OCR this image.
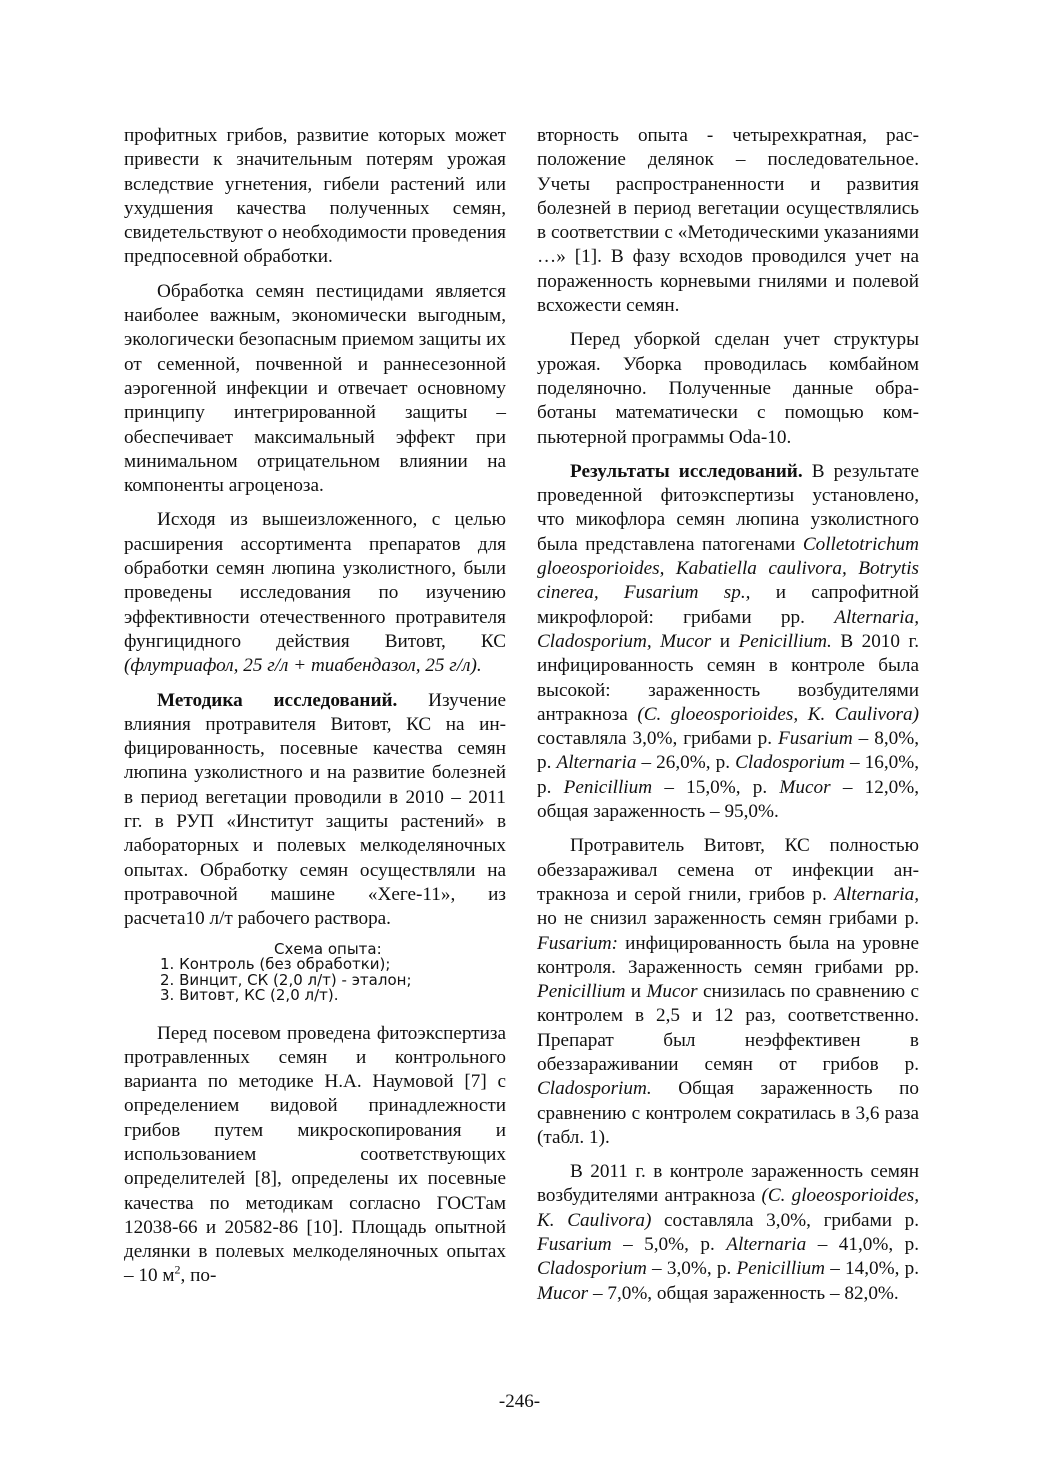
профитных грибов, развитие которых может привести к значительным потерям урожая вследствие угнетения, гибели растений или ухудшения качества полученных семян, свидетельствуют о необходимости проведения предпосевной обработки.

Обработка семян пестицидами является наиболее важным, экономически выгодным, экологически безопасным приемом защиты их от семенной, почвенной и раннесезонной аэрогенной инфекции и отвечает основному принципу интегрированной защиты – обеспечивает максимальный эффект при минимальном отрицательном влиянии на компоненты агроценоза.

Исходя из вышеизложенного, с целью расширения ассортимента препаратов для обработки семян люпина узколистного, были проведены исследования по изучению эффективности отечественного протравителя фунгицидного действия Витовт, КС (флутриафол, 25 г/л + тиабендазол, 25 г/л).

Методика исследований. Изучение влияния протравителя Витовт, КС на инфицированность, посевные качества семян люпина узколистного и на развитие болезней в период вегетации проводили в 2010 – 2011 гг. в РУП «Институт защиты растений» в лабораторных и полевых мелкоделяночных опытах. Обработку семян осуществляли на протравочной машине «Хеге-11», из расчета10 л/т рабочего раствора.

Схема опыта:
1. Контроль (без обработки);
2. Винцит, СК (2,0 л/т) - эталон;
3. Витовт, КС (2,0 л/т).

Перед посевом проведена фитоэкспертиза протравленных семян и контрольного варианта по методике Н.А. Наумовой [7] с определением видовой принадлежности грибов путем микроскопирования и использованием соответствующих определителей [8], определены их посевные качества по методикам согласно ГОСТам 12038-66 и 20582-86 [10]. Площадь опытной делянки в полевых мелкоделяночных опытах – 10 $м^2$, по-

вторность опыта - четырехкратная, расположение делянок – последовательное. Учеты распространенности и развития болезней в период вегетации осуществлялись в соответствии с «Методическими указаниями …» [1]. В фазу всходов проводился учет на пораженность корневыми гнилями и полевой всхожести семян.

Перед уборкой сделан учет структуры урожая. Уборка проводилась комбайном поделяночно. Полученные данные обработаны математически с помощью компьютерной программы Oda-10.

Результаты исследований. В результате проведенной фитоэкспертизы установлено, что микофлора семян люпина узколистного была представлена патогенами Colletotrichum gloeosporioides, Kabatiella caulivora, Botrytis cinerea, Fusarium sp., и сапрофитной микрофлорой: грибами рр. Alternaria, Cladosporium, Mucor и Penicillium. В 2010 г. инфицированность семян в контроле была высокой: зараженность возбудителями антракноза (C. gloeosporioides, K. Caulivora) составляла 3,0%, грибами р. Fusarium – 8,0%, р. Alternaria – 26,0%, р. Cladosporium – 16,0%, р. Penicillium – 15,0%, р. Mucor – 12,0%, общая зараженность – 95,0%.

Протравитель Витовт, КС полностью обеззараживал семена от инфекции антракноза и серой гнили, грибов р. Alternaria, но не снизил зараженность семян грибами р. Fusarium: инфицированность была на уровне контроля. Зараженность семян грибами рр. Penicillium и Mucor снизилась по сравнению с контролем в 2,5 и 12 раз, соответственно. Препарат был неэффективен в обеззараживании семян от грибов р. Cladosporium. Общая зараженность по сравнению с контролем сократилась в 3,6 раза (табл. 1).

В 2011 г. в контроле зараженность семян возбудителями антракноза (C. gloeosporioides, K. Caulivora) составляла 3,0%, грибами р. Fusarium – 5,0%, р. Alternaria – 41,0%, р. Cladosporium – 3,0%, р. Penicillium – 14,0%, р. Mucor – 7,0%, общая зараженность – 82,0%.

-246-
